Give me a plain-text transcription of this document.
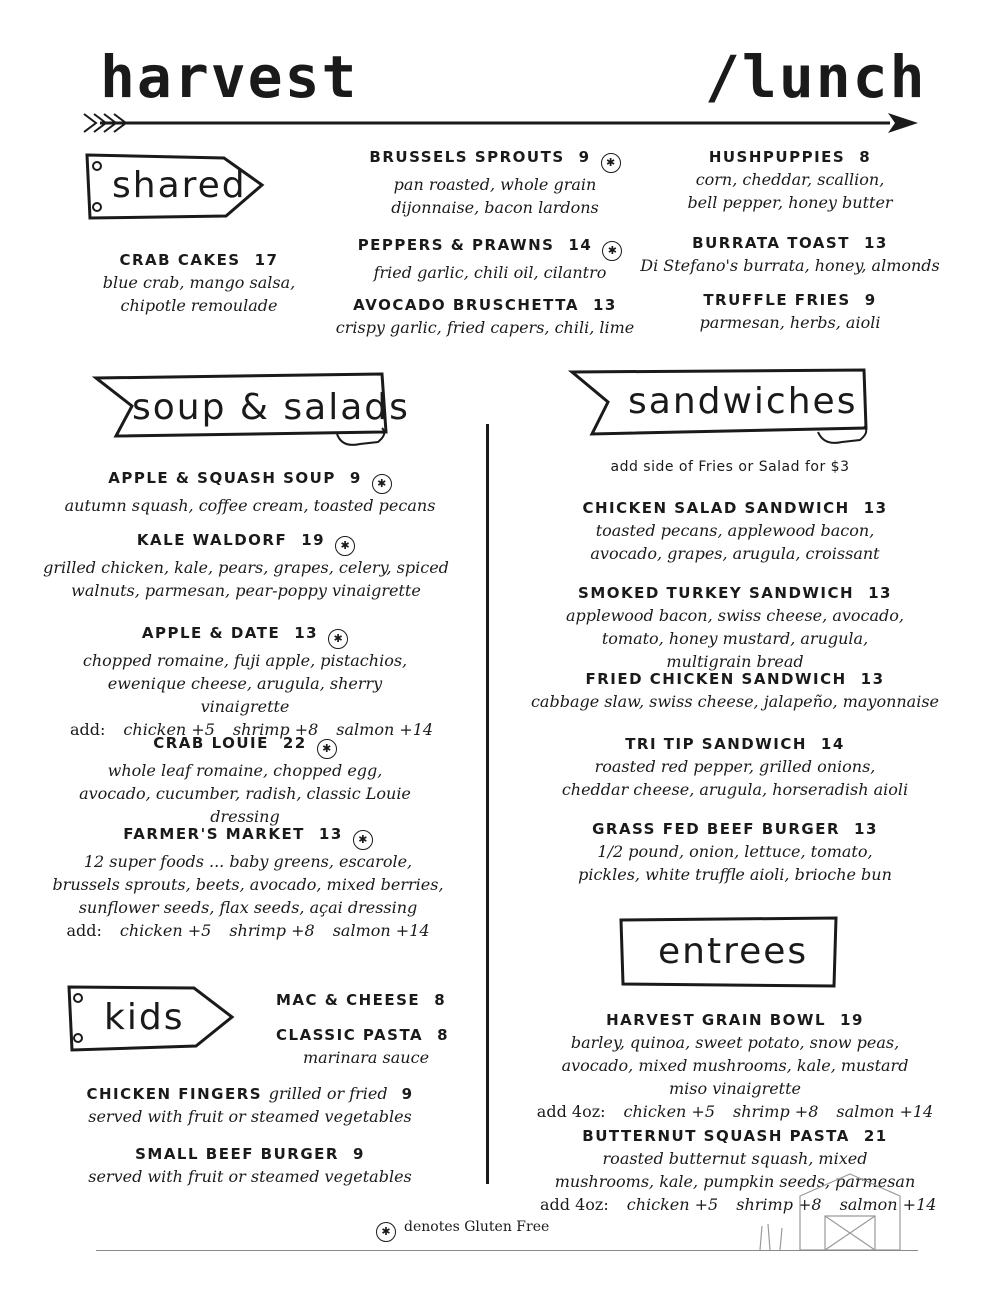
harvest	/lunch
shared
soup & salads	sandwiches
kids
entrees
CRAB CAKES 17
blue crab, mango salsa, chipotle remoulade
BRUSSELS SPROUTS 9 ✱
pan roasted, whole grain dijonnaise, bacon lardons
PEPPERS & PRAWNS 14 ✱
fried garlic, chili oil, cilantro
AVOCADO BRUSCHETTA 13
crispy garlic, fried capers, chili, lime
HUSHPUPPIES 8
corn, cheddar, scallion, bell pepper, honey butter
BURRATA TOAST 13
Di Stefano's burrata, honey, almonds
TRUFFLE FRIES 9
parmesan, herbs, aioli
APPLE & SQUASH SOUP 9 ✱
autumn squash, coffee cream, toasted pecans
KALE WALDORF 19 ✱
grilled chicken, kale, pears, grapes, celery, spiced walnuts, parmesan, pear-poppy vinaigrette
APPLE & DATE 13 ✱
chopped romaine, fuji apple, pistachios, ewenique cheese, arugula, sherry vinaigrette
add: chicken +5 shrimp +8 salmon +14
CRAB LOUIE 22 ✱
whole leaf romaine, chopped egg, avocado, cucumber, radish, classic Louie dressing
FARMER'S MARKET 13 ✱
12 super foods ... baby greens, escarole, brussels sprouts, beets, avocado, mixed berries, sunflower seeds, flax seeds, açai dressing
add: chicken +5 shrimp +8 salmon +14
MAC & CHEESE 8
CLASSIC PASTA 8
marinara sauce
CHICKEN FINGERS grilled or fried 9
served with fruit or steamed vegetables
SMALL BEEF BURGER 9
served with fruit or steamed vegetables
add side of Fries or Salad for $3
CHICKEN SALAD SANDWICH 13
toasted pecans, applewood bacon, avocado, grapes, arugula, croissant
SMOKED TURKEY SANDWICH 13
applewood bacon, swiss cheese, avocado, tomato, honey mustard, arugula, multigrain bread
FRIED CHICKEN SANDWICH 13
cabbage slaw, swiss cheese, jalapeño, mayonnaise
TRI TIP SANDWICH 14
roasted red pepper, grilled onions, cheddar cheese, arugula, horseradish aioli
GRASS FED BEEF BURGER 13
1/2 pound, onion, lettuce, tomato, pickles, white truffle aioli, brioche bun
HARVEST GRAIN BOWL 19
barley, quinoa, sweet potato, snow peas, avocado, mixed mushrooms, kale, mustard miso vinaigrette
add 4oz: chicken +5 shrimp +8 salmon +14
BUTTERNUT SQUASH PASTA 21
roasted butternut squash, mixed mushrooms, kale, pumpkin seeds, parmesan
add 4oz: chicken +5 shrimp +8 salmon +14
✱ denotes Gluten Free
